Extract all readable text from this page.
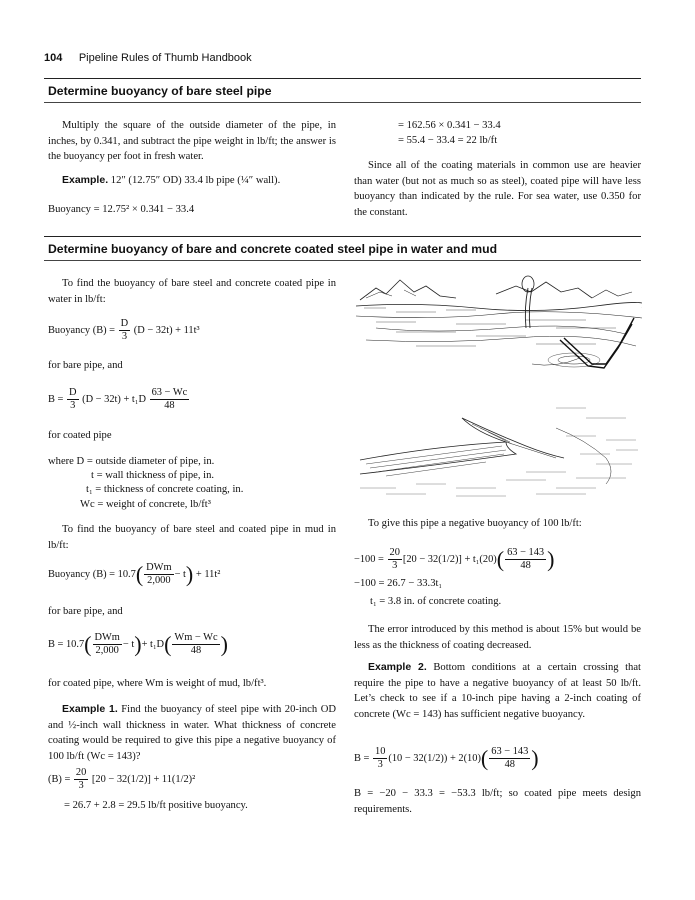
104 Pipeline Rules of Thumb Handbook
Determine buoyancy of bare steel pipe
Multiply the square of the outside diameter of the pipe, in inches, by 0.341, and subtract the pipe weight in lb/ft; the answer is the buoyancy per foot in fresh water.
Example. 12″ (12.75″ OD) 33.4 lb pipe (¼″ wall).
Buoyancy = 12.75² × 0.341 − 33.4
= 162.56 × 0.341 − 33.4
= 55.4 − 33.4 = 22 lb/ft
Since all of the coating materials in common use are heavier than water (but not as much so as steel), coated pipe will have less buoyancy than indicated by the rule. For sea water, use 0.350 for the constant.
Determine buoyancy of bare and concrete coated steel pipe in water and mud
To find the buoyancy of bare steel and concrete coated pipe in water in lb/ft:
Buoyancy $(B) = \frac{D}{3} (D - 32t) + 11t^3$
for bare pipe, and
$B = \frac{D}{3} (D - 32t) + t_1D \frac{63 - Wc}{48}$
for coated pipe
where D = outside diameter of pipe, in.
t = wall thickness of pipe, in.
t₁ = thickness of concrete coating, in.
Wc = weight of concrete, lb/ft³
To find the buoyancy of bare steel and coated pipe in mud in lb/ft:
Buoyancy $(B) = 10.7( \frac{\text{DWm}}{2,000} - t) + 11t^2$
for bare pipe, and
$B = 10.7( \frac{\text{DWm}}{2,000} - t)+ t_1D( \frac{Wm - Wc}{48}$ )
for coated pipe, where Wm is weight of mud, lb/ft³.
Example 1. Find the buoyancy of steel pipe with 20-inch OD and ½-inch wall thickness in water. What thickness of concrete coating would be required to give this pipe a negative buoyancy of 100 lb/ft (Wc = 143)?
$(B) = \frac{20}{3} [20 - 32(1/2)] + 11(1/2)^2$
= 26.7 + 2.8 = 29.5 lb/ft positive buoyancy.
To give this pipe a negative buoyancy of 100 lb/ft:
$-100 = \frac{20}{3} [20 - 32(1/2)] + t_1(20)( \frac{63 - 143}{48}$ )
−100 = 26.7 − 33.3t₁
t₁ = 3.8 in. of concrete coating.
The error introduced by this method is about 15% but would be less as the thickness of coating decreased.
Example 2. Bottom conditions at a certain crossing that require the pipe to have a negative buoyancy of at least 50 lb/ft. Let’s check to see if a 10-inch pipe having a 2-inch coating of concrete (Wc = 143) has sufficient negative buoyancy.
$B = \frac{10}{3} (10 - 32(1/2)) + 2(10)( \frac{63 - 143}{48}$ )
B = −20 − 33.3 = −53.3 lb/ft; so coated pipe meets design requirements.
